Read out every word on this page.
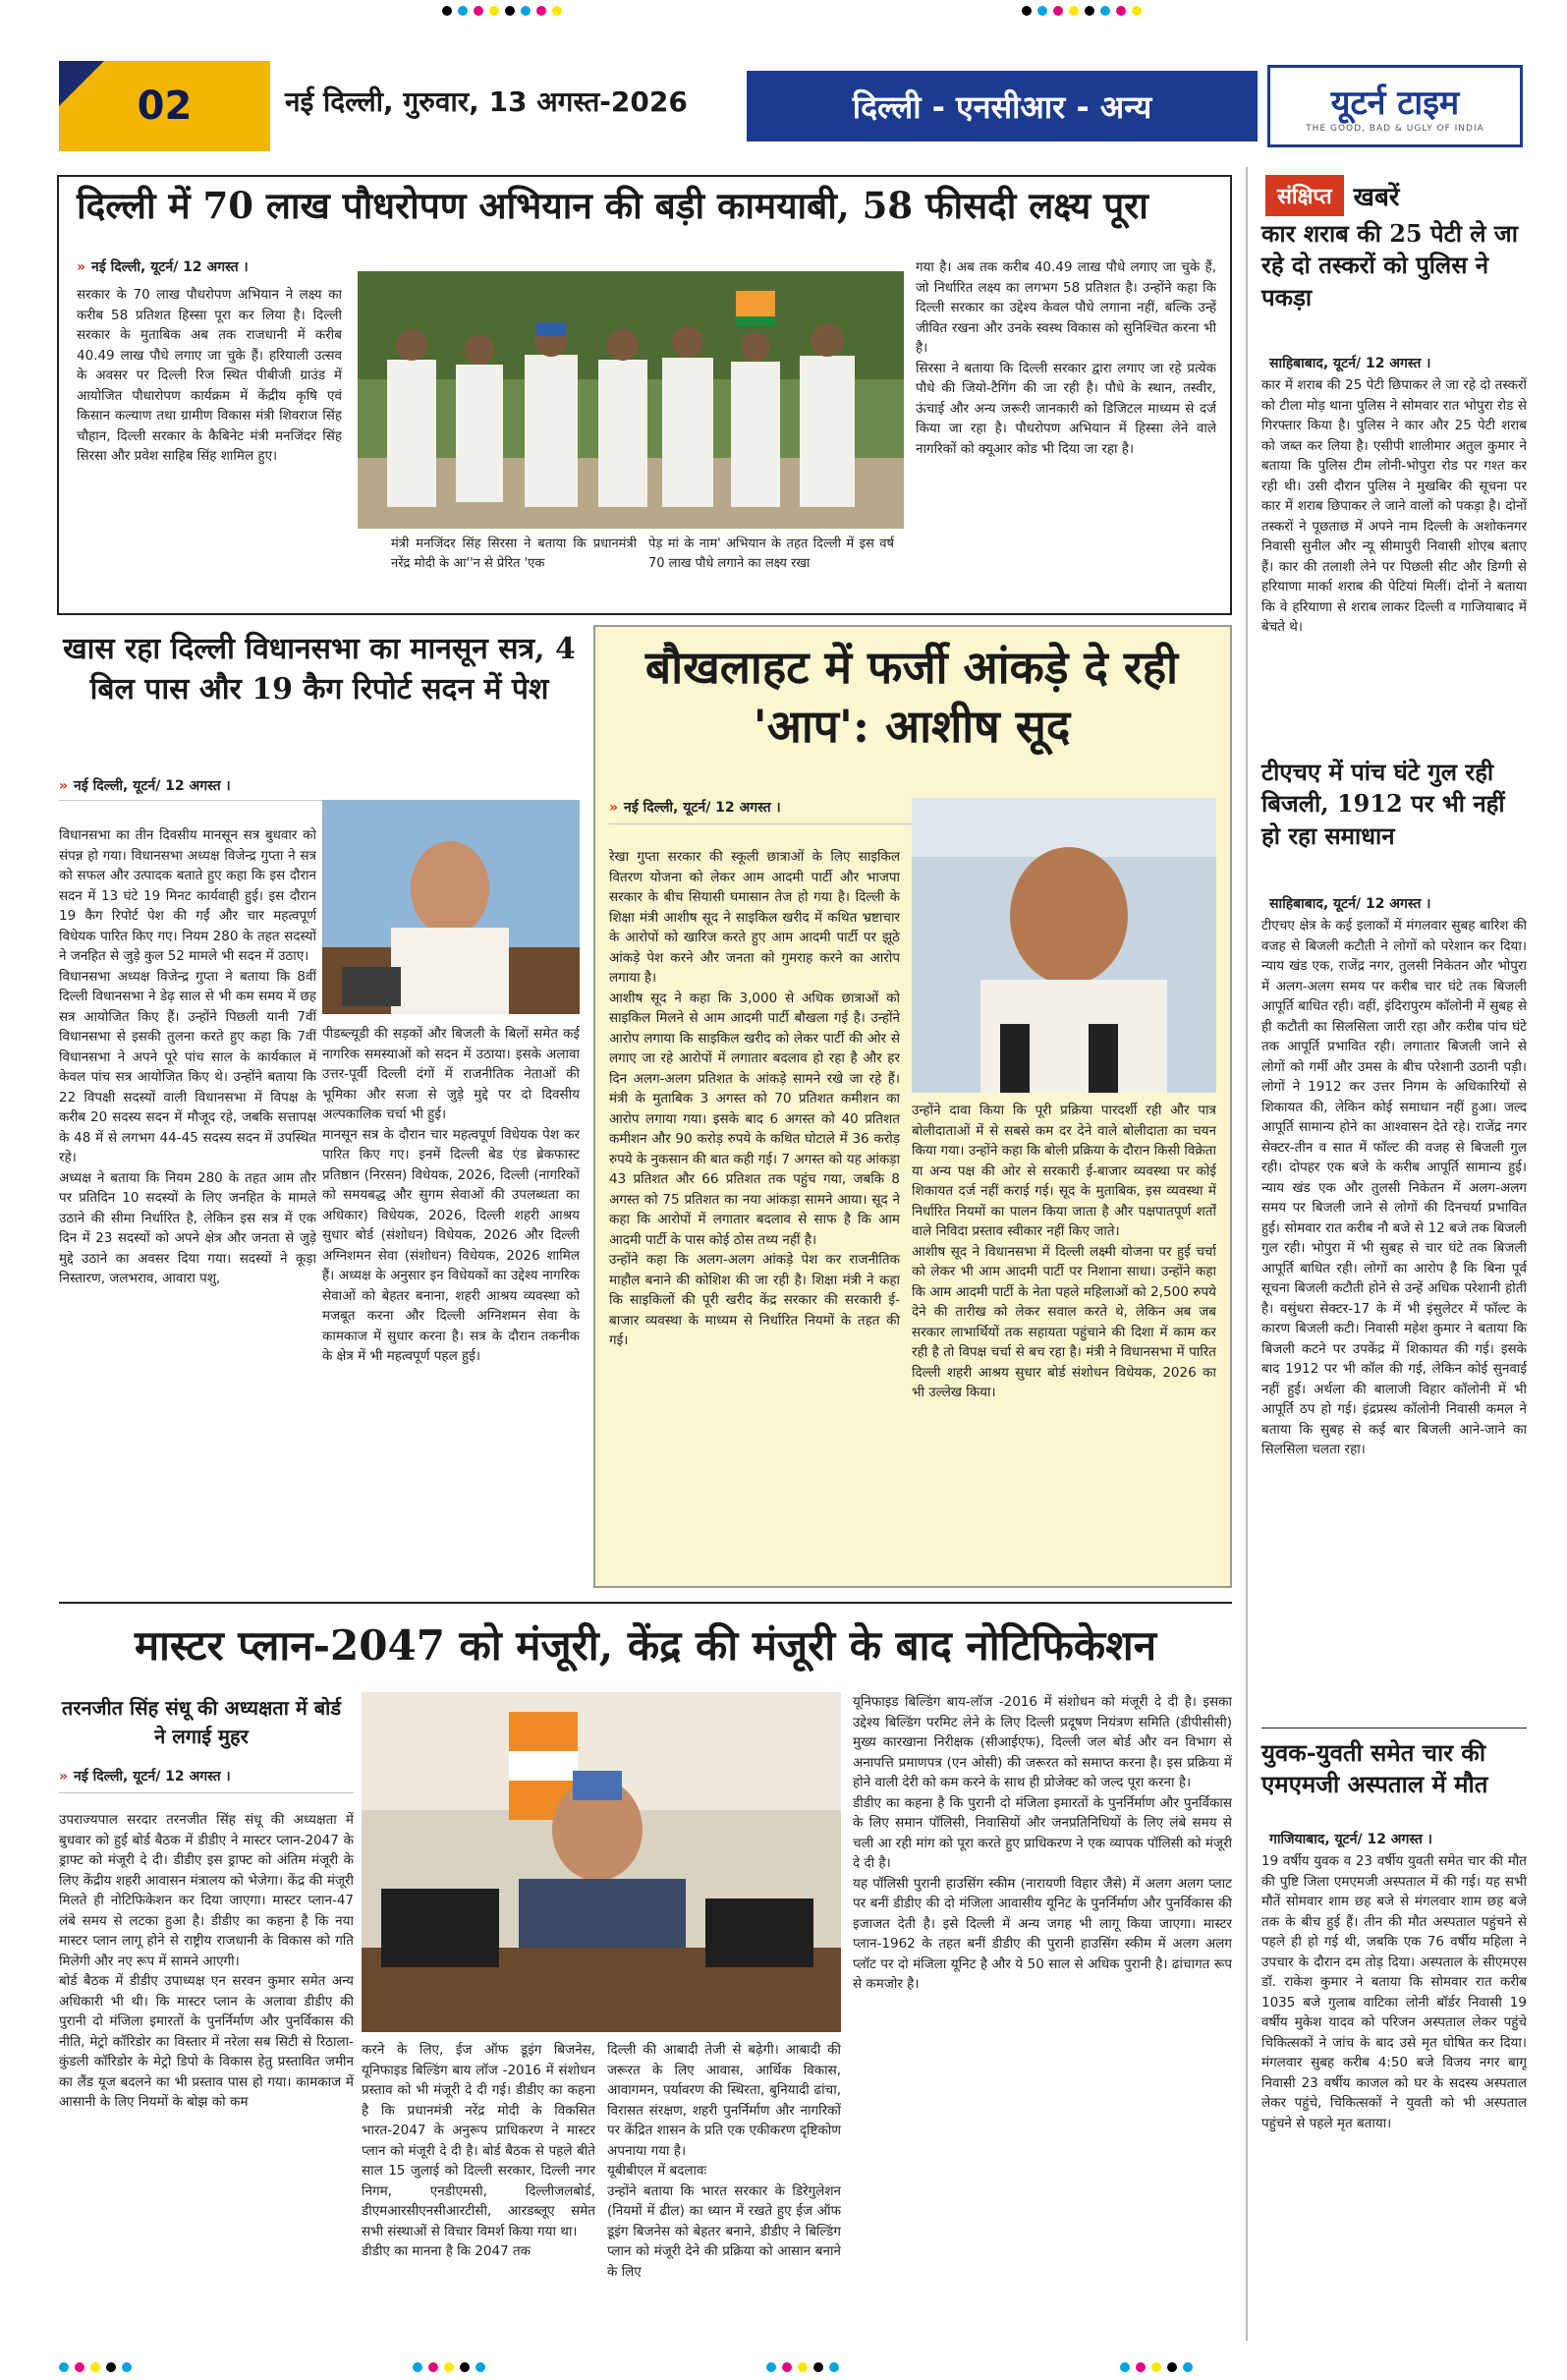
02	नई दिल्ली, गुरुवार, 13 अगस्त-2026	दिल्ली - एनसीआर - अन्य	यूटर्न टाइम
THE GOOD, BAD & UGLY OF INDIA
दिल्ली में 70 लाख पौधरोपण अभियान की बड़ी कामयाबी, 58 फीसदी लक्ष्य पूरा
» नई दिल्ली, यूटर्न/ 12 अगस्त ।
सरकार के 70 लाख पौधरोपण अभियान ने लक्ष्य का करीब 58 प्रतिशत हिस्सा पूरा कर लिया है। दिल्ली सरकार के मुताबिक अब तक राजधानी में करीब 40.49 लाख पौधे लगाए जा चुके हैं। हरियाली उत्सव के अवसर पर दिल्ली रिज स्थित पीबीजी ग्राउंड में आयोजित पौधारोपण कार्यक्रम में केंद्रीय कृषि एवं किसान कल्याण तथा ग्रामीण विकास मंत्री शिवराज सिंह चौहान, दिल्ली सरकार के कैबिनेट मंत्री मनजिंदर सिंह सिरसा और प्रवेश साहिब सिंह शामिल हुए।
मंत्री मनजिंदर सिंह सिरसा ने बताया कि प्रधानमंत्री नरेंद्र मोदी के आ''न से प्रेरित 'एक
पेड़ मां के नाम' अभियान के तहत दिल्ली में इस वर्ष 70 लाख पौधे लगाने का लक्ष्य रखा
गया है। अब तक करीब 40.49 लाख पौधे लगाए जा चुके हैं, जो निर्धारित लक्ष्य का लगभग 58 प्रतिशत है। उन्होंने कहा कि दिल्ली सरकार का उद्देश्य केवल पौधे लगाना नहीं, बल्कि उन्हें जीवित रखना और उनके स्वस्थ विकास को सुनिश्चित करना भी है।
सिरसा ने बताया कि दिल्ली सरकार द्वारा लगाए जा रहे प्रत्येक पौधे की जियो-टैगिंग की जा रही है। पौधे के स्थान, तस्वीर, ऊंचाई और अन्य जरूरी जानकारी को डिजिटल माध्यम से दर्ज किया जा रहा है। पौधरोपण अभियान में हिस्सा लेने वाले नागरिकों को क्यूआर कोड भी दिया जा रहा है।
खास रहा दिल्ली विधानसभा का मानसून सत्र, 4 बिल पास और 19 कैग रिपोर्ट सदन में पेश
» नई दिल्ली, यूटर्न/ 12 अगस्त ।
विधानसभा का तीन दिवसीय मानसून सत्र बुधवार को संपन्न हो गया। विधानसभा अध्यक्ष विजेन्द्र गुप्ता ने सत्र को सफल और उत्पादक बताते हुए कहा कि इस दौरान सदन में 13 घंटे 19 मिनट कार्यवाही हुई। इस दौरान 19 कैग रिपोर्ट पेश की गईं और चार महत्वपूर्ण विधेयक पारित किए गए। नियम 280 के तहत सदस्यों ने जनहित से जुड़े कुल 52 मामले भी सदन में उठाए।
विधानसभा अध्यक्ष विजेन्द्र गुप्ता ने बताया कि 8वीं दिल्ली विधानसभा ने डेढ़ साल से भी कम समय में छह सत्र आयोजित किए हैं। उन्होंने पिछली यानी 7वीं विधानसभा से इसकी तुलना करते हुए कहा कि 7वीं विधानसभा ने अपने पूरे पांच साल के कार्यकाल में केवल पांच सत्र आयोजित किए थे। उन्होंने बताया कि 22 विपक्षी सदस्यों वाली विधानसभा में विपक्ष के करीब 20 सदस्य सदन में मौजूद रहे, जबकि सत्तापक्ष के 48 में से लगभग 44-45 सदस्य सदन में उपस्थित रहे।
अध्यक्ष ने बताया कि नियम 280 के तहत आम तौर पर प्रतिदिन 10 सदस्यों के लिए जनहित के मामले उठाने की सीमा निर्धारित है, लेकिन इस सत्र में एक दिन में 23 सदस्यों को अपने क्षेत्र और जनता से जुड़े मुद्दे उठाने का अवसर दिया गया। सदस्यों ने कूड़ा निस्तारण, जलभराव, आवारा पशु,
पीडब्ल्यूडी की सड़कों और बिजली के बिलों समेत कई नागरिक समस्याओं को सदन में उठाया। इसके अलावा उत्तर-पूर्वी दिल्ली दंगों में राजनीतिक नेताओं की भूमिका और सजा से जुड़े मुद्दे पर दो दिवसीय अल्पकालिक चर्चा भी हुई।
मानसून सत्र के दौरान चार महत्वपूर्ण विधेयक पेश कर पारित किए गए। इनमें दिल्ली बेड एंड ब्रेकफास्ट प्रतिष्ठान (निरसन) विधेयक, 2026, दिल्ली (नागरिकों को समयबद्ध और सुगम सेवाओं की उपलब्धता का अधिकार) विधेयक, 2026, दिल्ली शहरी आश्रय सुधार बोर्ड (संशोधन) विधेयक, 2026 और दिल्ली अग्निशमन सेवा (संशोधन) विधेयक, 2026 शामिल हैं। अध्यक्ष के अनुसार इन विधेयकों का उद्देश्य नागरिक सेवाओं को बेहतर बनाना, शहरी आश्रय व्यवस्था को मजबूत करना और दिल्ली अग्निशमन सेवा के कामकाज में सुधार करना है। सत्र के दौरान तकनीक के क्षेत्र में भी महत्वपूर्ण पहल हुई।
बौखलाहट में फर्जी आंकड़े दे रही 'आप': आशीष सूद
» नई दिल्ली, यूटर्न/ 12 अगस्त ।
रेखा गुप्ता सरकार की स्कूली छात्राओं के लिए साइकिल वितरण योजना को लेकर आम आदमी पार्टी और भाजपा सरकार के बीच सियासी घमासान तेज हो गया है। दिल्ली के शिक्षा मंत्री आशीष सूद ने साइकिल खरीद में कथित भ्रष्टाचार के आरोपों को खारिज करते हुए आम आदमी पार्टी पर झूठे आंकड़े पेश करने और जनता को गुमराह करने का आरोप लगाया है।
आशीष सूद ने कहा कि 3,000 से अधिक छात्राओं को साइकिल मिलने से आम आदमी पार्टी बौखला गई है। उन्होंने आरोप लगाया कि साइकिल खरीद को लेकर पार्टी की ओर से लगाए जा रहे आरोपों में लगातार बदलाव हो रहा है और हर दिन अलग-अलग प्रतिशत के आंकड़े सामने रखे जा रहे हैं। मंत्री के मुताबिक 3 अगस्त को 70 प्रतिशत कमीशन का आरोप लगाया गया। इसके बाद 6 अगस्त को 40 प्रतिशत कमीशन और 90 करोड़ रुपये के कथित घोटाले में 36 करोड़ रुपये के नुकसान की बात कही गई। 7 अगस्त को यह आंकड़ा 43 प्रतिशत और 66 प्रतिशत तक पहुंच गया, जबकि 8 अगस्त को 75 प्रतिशत का नया आंकड़ा सामने आया। सूद ने कहा कि आरोपों में लगातार बदलाव से साफ है कि आम आदमी पार्टी के पास कोई ठोस तथ्य नहीं है।
उन्होंने कहा कि अलग-अलग आंकड़े पेश कर राजनीतिक माहौल बनाने की कोशिश की जा रही है। शिक्षा मंत्री ने कहा कि साइकिलों की पूरी खरीद केंद्र सरकार की सरकारी ई-बाजार व्यवस्था के माध्यम से निर्धारित नियमों के तहत की गई।
उन्होंने दावा किया कि पूरी प्रक्रिया पारदर्शी रही और पात्र बोलीदाताओं में से सबसे कम दर देने वाले बोलीदाता का चयन किया गया। उन्होंने कहा कि बोली प्रक्रिया के दौरान किसी विक्रेता या अन्य पक्ष की ओर से सरकारी ई-बाजार व्यवस्था पर कोई शिकायत दर्ज नहीं कराई गई। सूद के मुताबिक, इस व्यवस्था में निर्धारित नियमों का पालन किया जाता है और पक्षपातपूर्ण शर्तों वाले निविदा प्रस्ताव स्वीकार नहीं किए जाते।
आशीष सूद ने विधानसभा में दिल्ली लक्ष्मी योजना पर हुई चर्चा को लेकर भी आम आदमी पार्टी पर निशाना साधा। उन्होंने कहा कि आम आदमी पार्टी के नेता पहले महिलाओं को 2,500 रुपये देने की तारीख को लेकर सवाल करते थे, लेकिन अब जब सरकार लाभार्थियों तक सहायता पहुंचाने की दिशा में काम कर रही है तो विपक्ष चर्चा से बच रहा है। मंत्री ने विधानसभा में पारित दिल्ली शहरी आश्रय सुधार बोर्ड संशोधन विधेयक, 2026 का भी उल्लेख किया।
मास्टर प्लान-2047 को मंजूरी, केंद्र की मंजूरी के बाद नोटिफिकेशन
तरनजीत सिंह संधू की अध्यक्षता में बोर्ड ने लगाई मुहर
» नई दिल्ली, यूटर्न/ 12 अगस्त ।
उपराज्यपाल सरदार तरनजीत सिंह संधू की अध्यक्षता में बुधवार को हुई बोर्ड बैठक में डीडीए ने मास्टर प्लान-2047 के ड्राफ्ट को मंजूरी दे दी। डीडीए इस ड्राफ्ट को अंतिम मंजूरी के लिए केंद्रीय शहरी आवासन मंत्रालय को भेजेगा। केंद्र की मंजूरी मिलते ही नोटिफिकेशन कर दिया जाएगा। मास्टर प्लान-47 लंबे समय से लटका हुआ है। डीडीए का कहना है कि नया मास्टर प्लान लागू होने से राष्ट्रीय राजधानी के विकास को गति मिलेगी और नए रूप में सामने आएगी।
बोर्ड बैठक में डीडीए उपाध्यक्ष एन सरवन कुमार समेत अन्य अधिकारी भी थी। कि मास्टर प्लान के अलावा डीडीए की पुरानी दो मंजिला इमारतों के पुनर्निर्माण और पुनर्विकास की नीति, मेट्रो कॉरिडोर का विस्तार में नरेला सब सिटी से रिठाला-कुंडली कॉरिडोर के मेट्रो डिपो के विकास हेतु प्रस्तावित जमीन का लैंड यूज बदलने का भी प्रस्ताव पास हो गया। कामकाज में आसानी के लिए नियमों के बोझ को कम
करने के लिए, ईज ऑफ डूइंग बिजनेस, यूनिफाइड बिल्डिंग बाय लॉज -2016 में संशोधन प्रस्ताव को भी मंजूरी दे दी गई। डीडीए का कहना है कि प्रधानमंत्री नरेंद्र मोदी के विकसित भारत-2047 के अनुरूप प्राधिकरण ने मास्टर प्लान को मंजूरी दे दी है। बोर्ड बैठक से पहले बीते साल 15 जुलाई को दिल्ली सरकार, दिल्ली नगर निगम, एनडीएमसी, दिल्लीजलबोर्ड, डीएमआरसीएनसीआरटीसी, आरडब्लूए समेत सभी संस्थाओं से विचार विमर्श किया गया था।
डीडीए का मानना है कि 2047 तक
दिल्ली की आबादी तेजी से बढ़ेगी। आबादी की जरूरत के लिए आवास, आर्थिक विकास, आवागमन, पर्यावरण की स्थिरता, बुनियादी ढांचा, विरासत संरक्षण, शहरी पुनर्निर्माण और नागरिकों पर केंद्रित शासन के प्रति एक एकीकरण दृष्टिकोण अपनाया गया है।
यूबीबीएल में बदलावः
उन्होंने बताया कि भारत सरकार के डिरेगुलेशन (नियमों में ढील) का ध्यान में रखते हुए ईज ऑफ डूइंग बिजनेस को बेहतर बनाने, डीडीए ने बिल्डिंग प्लान को मंजूरी देने की प्रक्रिया को आसान बनाने के लिए
यूनिफाइड बिल्डिंग बाय-लॉज -2016 में संशोधन को मंजूरी दे दी है। इसका उद्देश्य बिल्डिंग परमिट लेने के लिए दिल्ली प्रदूषण नियंत्रण समिति (डीपीसीसी) मुख्य कारखाना निरीक्षक (सीआईएफ), दिल्ली जल बोर्ड और वन विभाग से अनापत्ति प्रमाणपत्र (एन ओसी) की जरूरत को समाप्त करना है। इस प्रक्रिया में होने वाली देरी को कम करने के साथ ही प्रोजेक्ट को जल्द पूरा करना है।
डीडीए का कहना है कि पुरानी दो मंजिला इमारतों के पुनर्निर्माण और पुनर्विकास के लिए समान पॉलिसी, निवासियों और जनप्रतिनिधियों के लिए लंबे समय से चली आ रही मांग को पूरा करते हुए प्राधिकरण ने एक व्यापक पॉलिसी को मंजूरी दे दी है।
यह पॉलिसी पुरानी हाउसिंग स्कीम (नारायणी विहार जैसे) में अलग अलग प्लाट पर बनीं डीडीए की दो मंजिला आवासीय यूनिट के पुनर्निर्माण और पुनर्विकास की इजाजत देती है। इसे दिल्ली में अन्य जगह भी लागू किया जाएगा। मास्टर प्लान-1962 के तहत बनीं डीडीए की पुरानी हाउसिंग स्कीम में अलग अलग प्लॉट पर दो मंजिला यूनिट है और ये 50 साल से अधिक पुरानी है। ढांचागत रूप से कमजोर है।
संक्षिप्त खबरें
कार शराब की 25 पेटी ले जा रहे दो तस्करों को पुलिस ने पकड़ा
साहिबाबाद, यूटर्न/ 12 अगस्त ।
कार में शराब की 25 पेटी छिपाकर ले जा रहे दो तस्करों को टीला मोड़ थाना पुलिस ने सोमवार रात भोपुरा रोड से गिरफ्तार किया है। पुलिस ने कार और 25 पेटी शराब को जब्त कर लिया है। एसीपी शालीमार अतुल कुमार ने बताया कि पुलिस टीम लोनी-भोपुरा रोड पर गश्त कर रही थी। उसी दौरान पुलिस ने मुखबिर की सूचना पर कार में शराब छिपाकर ले जाने वालों को पकड़ा है। दोनों तस्करों ने पूछताछ में अपने नाम दिल्ली के अशोकनगर निवासी सुनील और न्यू सीमापुरी निवासी शोएब बताए हैं। कार की तलाशी लेने पर पिछली सीट और डिग्गी से हरियाणा मार्का शराब की पेटियां मिलीं। दोनों ने बताया कि वे हरियाणा से शराब लाकर दिल्ली व गाजियाबाद में बेचते थे।
टीएचए में पांच घंटे गुल रही बिजली, 1912 पर भी नहीं हो रहा समाधान
साहिबाबाद, यूटर्न/ 12 अगस्त ।
टीएचए क्षेत्र के कई इलाकों में मंगलवार सुबह बारिश की वजह से बिजली कटौती ने लोगों को परेशान कर दिया। न्याय खंड एक, राजेंद्र नगर, तुलसी निकेतन और भोपुरा में अलग-अलग समय पर करीब चार घंटे तक बिजली आपूर्ति बाधित रही। वहीं, इंदिरापुरम कॉलोनी में सुबह से ही कटौती का सिलसिला जारी रहा और करीब पांच घंटे तक आपूर्ति प्रभावित रही। लगातार बिजली जाने से लोगों को गर्मी और उमस के बीच परेशानी उठानी पड़ी। लोगों ने 1912 कर उत्तर निगम के अधिकारियों से शिकायत की, लेकिन कोई समाधान नहीं हुआ। जल्द आपूर्ति सामान्य होने का आश्वासन देते रहे। राजेंद्र नगर सेक्टर-तीन व सात में फॉल्ट की वजह से बिजली गुल रही। दोपहर एक बजे के करीब आपूर्ति सामान्य हुई। न्याय खंड एक और तुलसी निकेतन में अलग-अलग समय पर बिजली जाने से लोगों की दिनचर्या प्रभावित हुई। सोमवार रात करीब नौ बजे से 12 बजे तक बिजली गुल रही। भोपुरा में भी सुबह से चार घंटे तक बिजली आपूर्ति बाधित रही। लोगों का आरोप है कि बिना पूर्व सूचना बिजली कटौती होने से उन्हें अधिक परेशानी होती है। वसुंधरा सेक्टर-17 के में भी इंसुलेटर में फॉल्ट के कारण बिजली कटी। निवासी महेश कुमार ने बताया कि बिजली कटने पर उपकेंद्र में शिकायत की गई। इसके बाद 1912 पर भी कॉल की गई, लेकिन कोई सुनवाई नहीं हुई। अर्थला की बालाजी विहार कॉलोनी में भी आपूर्ति ठप हो गई। इंद्रप्रस्थ कॉलोनी निवासी कमल ने बताया कि सुबह से कई बार बिजली आने-जाने का सिलसिला चलता रहा।
युवक-युवती समेत चार की एमएमजी अस्पताल में मौत
गाजियाबाद, यूटर्न/ 12 अगस्त ।
19 वर्षीय युवक व 23 वर्षीय युवती समेत चार की मौत की पुष्टि जिला एमएमजी अस्पताल में की गई। यह सभी मौतें सोमवार शाम छह बजे से मंगलवार शाम छह बजे तक के बीच हुई हैं। तीन की मौत अस्पताल पहुंचने से पहले ही हो गई थी, जबकि एक 76 वर्षीय महिला ने उपचार के दौरान दम तोड़ दिया। अस्पताल के सीएमएस डॉ. राकेश कुमार ने बताया कि सोमवार रात करीब 1035 बजे गुलाब वाटिका लोनी बॉर्डर निवासी 19 वर्षीय मुकेश यादव को परिजन अस्पताल लेकर पहुंचे चिकित्सकों ने जांच के बाद उसे मृत घोषित कर दिया। मंगलवार सुबह करीब 4:50 बजे विजय नगर बागू निवासी 23 वर्षीय काजल को घर के सदस्य अस्पताल लेकर पहुंचे, चिकित्सकों ने युवती को भी अस्पताल पहुंचने से पहले मृत बताया।
